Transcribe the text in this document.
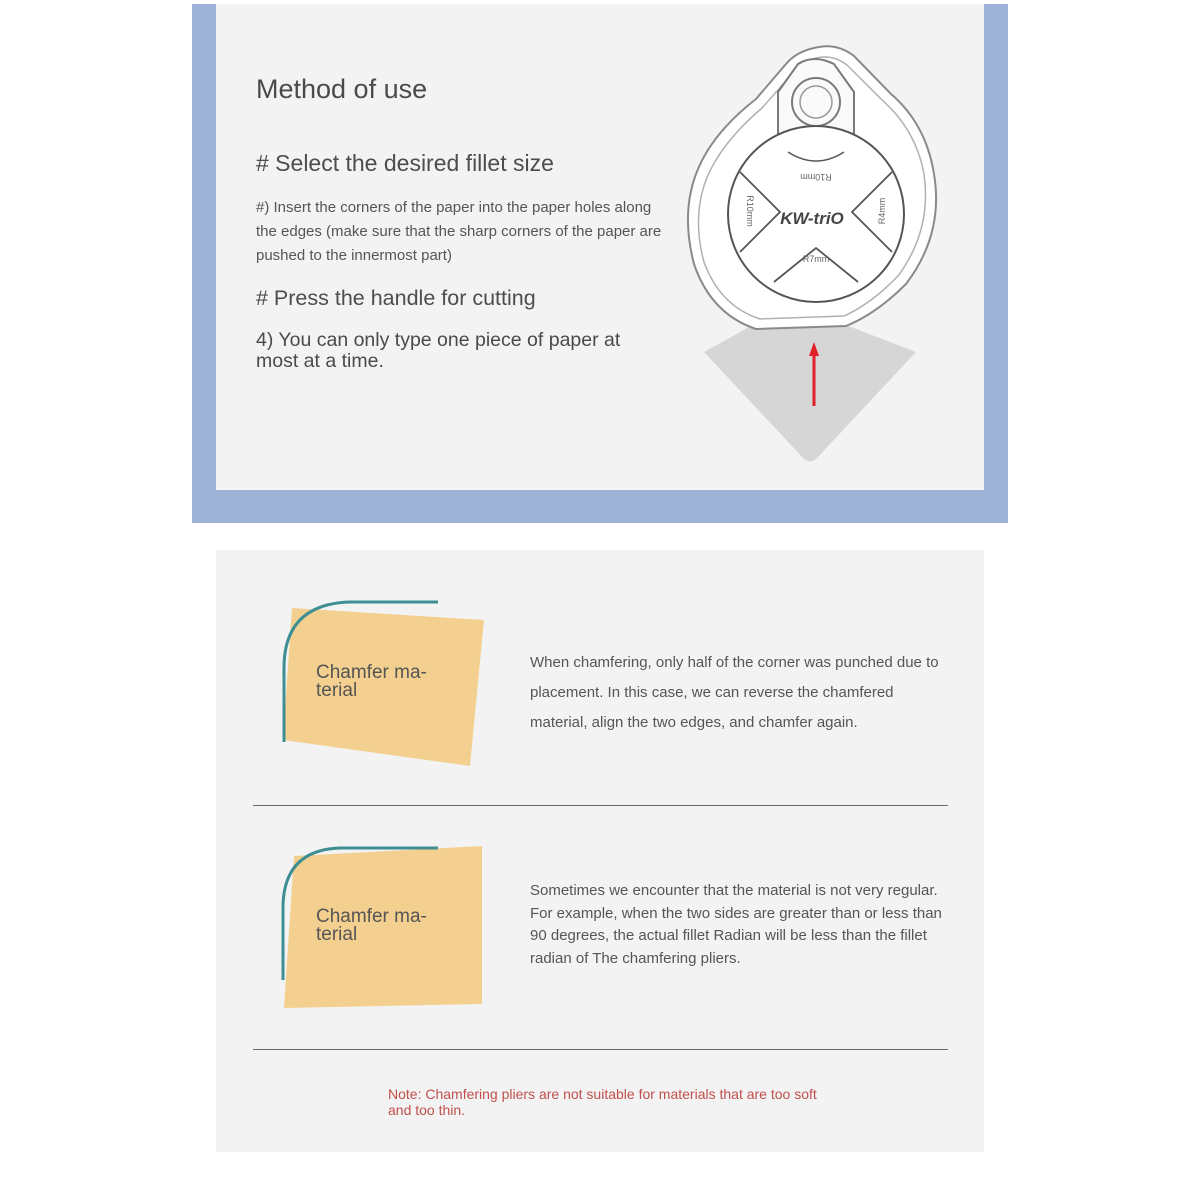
Method of use
# Select the desired fillet size
#) Insert the corners of the paper into the paper holes along the edges (make sure that the sharp corners of the paper are pushed to the innermost part)
# Press the handle for cutting
4) You can only type one piece of paper at most at a time.
R10mm
R10mm	R4mm
R7mm
KW-triO
Chamfer ma-
terial
When chamfering, only half of the corner was punched due to placement. In this case, we can reverse the chamfered material, align the two edges, and chamfer again.
Chamfer ma-
terial
Sometimes we encounter that the material is not very regular. For example, when the two sides are greater than or less than 90 degrees, the actual fillet Radian will be less than the fillet radian of The chamfering pliers.
Note: Chamfering pliers are not suitable for materials that are too soft and too thin.
